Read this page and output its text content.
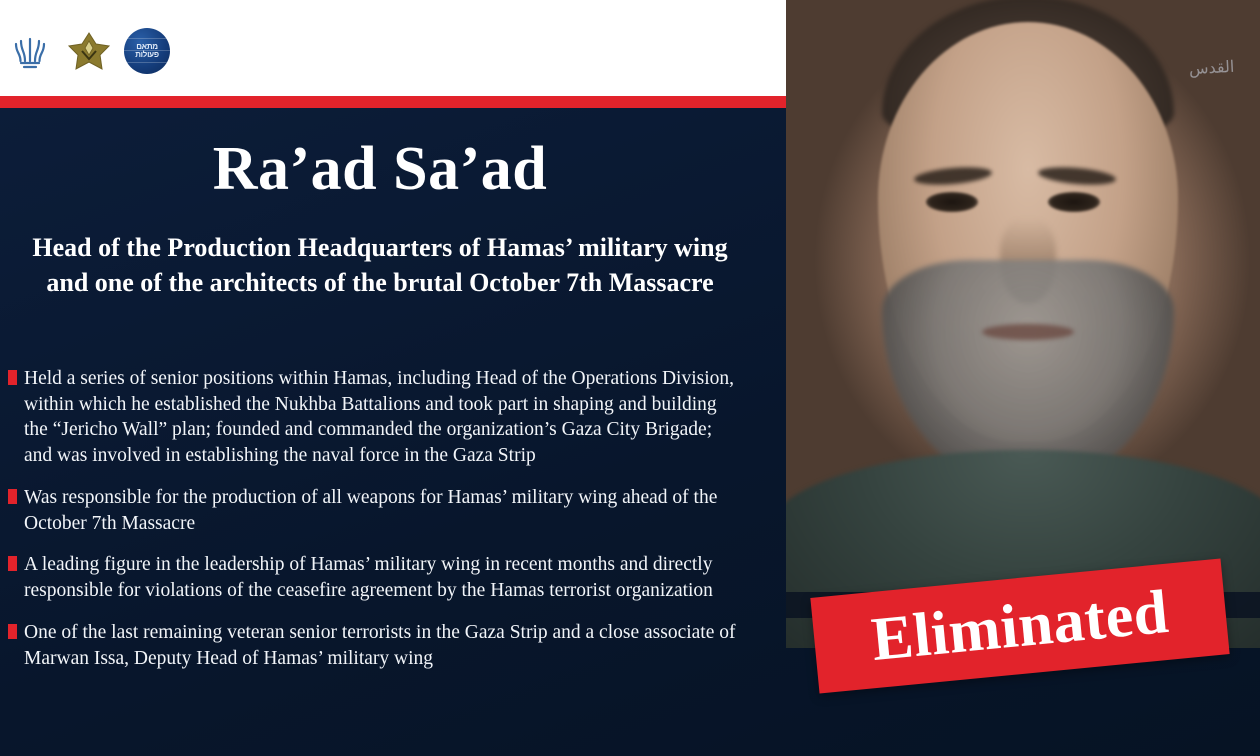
מתאם
פעולות
Ra’ad Sa’ad
Head of the Production Headquarters of Hamas’ military wing and one of the architects of the brutal October 7th Massacre
Held a series of senior positions within Hamas, including Head of the Operations Division, within which he established the Nukhba Battalions and took part in shaping and building the “Jericho Wall” plan; founded and commanded the organization’s Gaza City Brigade; and was involved in establishing the naval force in the Gaza Strip
Was responsible for the production of all weapons for Hamas’ military wing ahead of the October 7th Massacre
A leading figure in the leadership of Hamas’ military wing in recent months and directly responsible for violations of the ceasefire agreement by the Hamas terrorist organization
One of the last remaining veteran senior terrorists in the Gaza Strip and a close associate of Marwan Issa, Deputy Head of Hamas’ military wing
القدس
Eliminated
